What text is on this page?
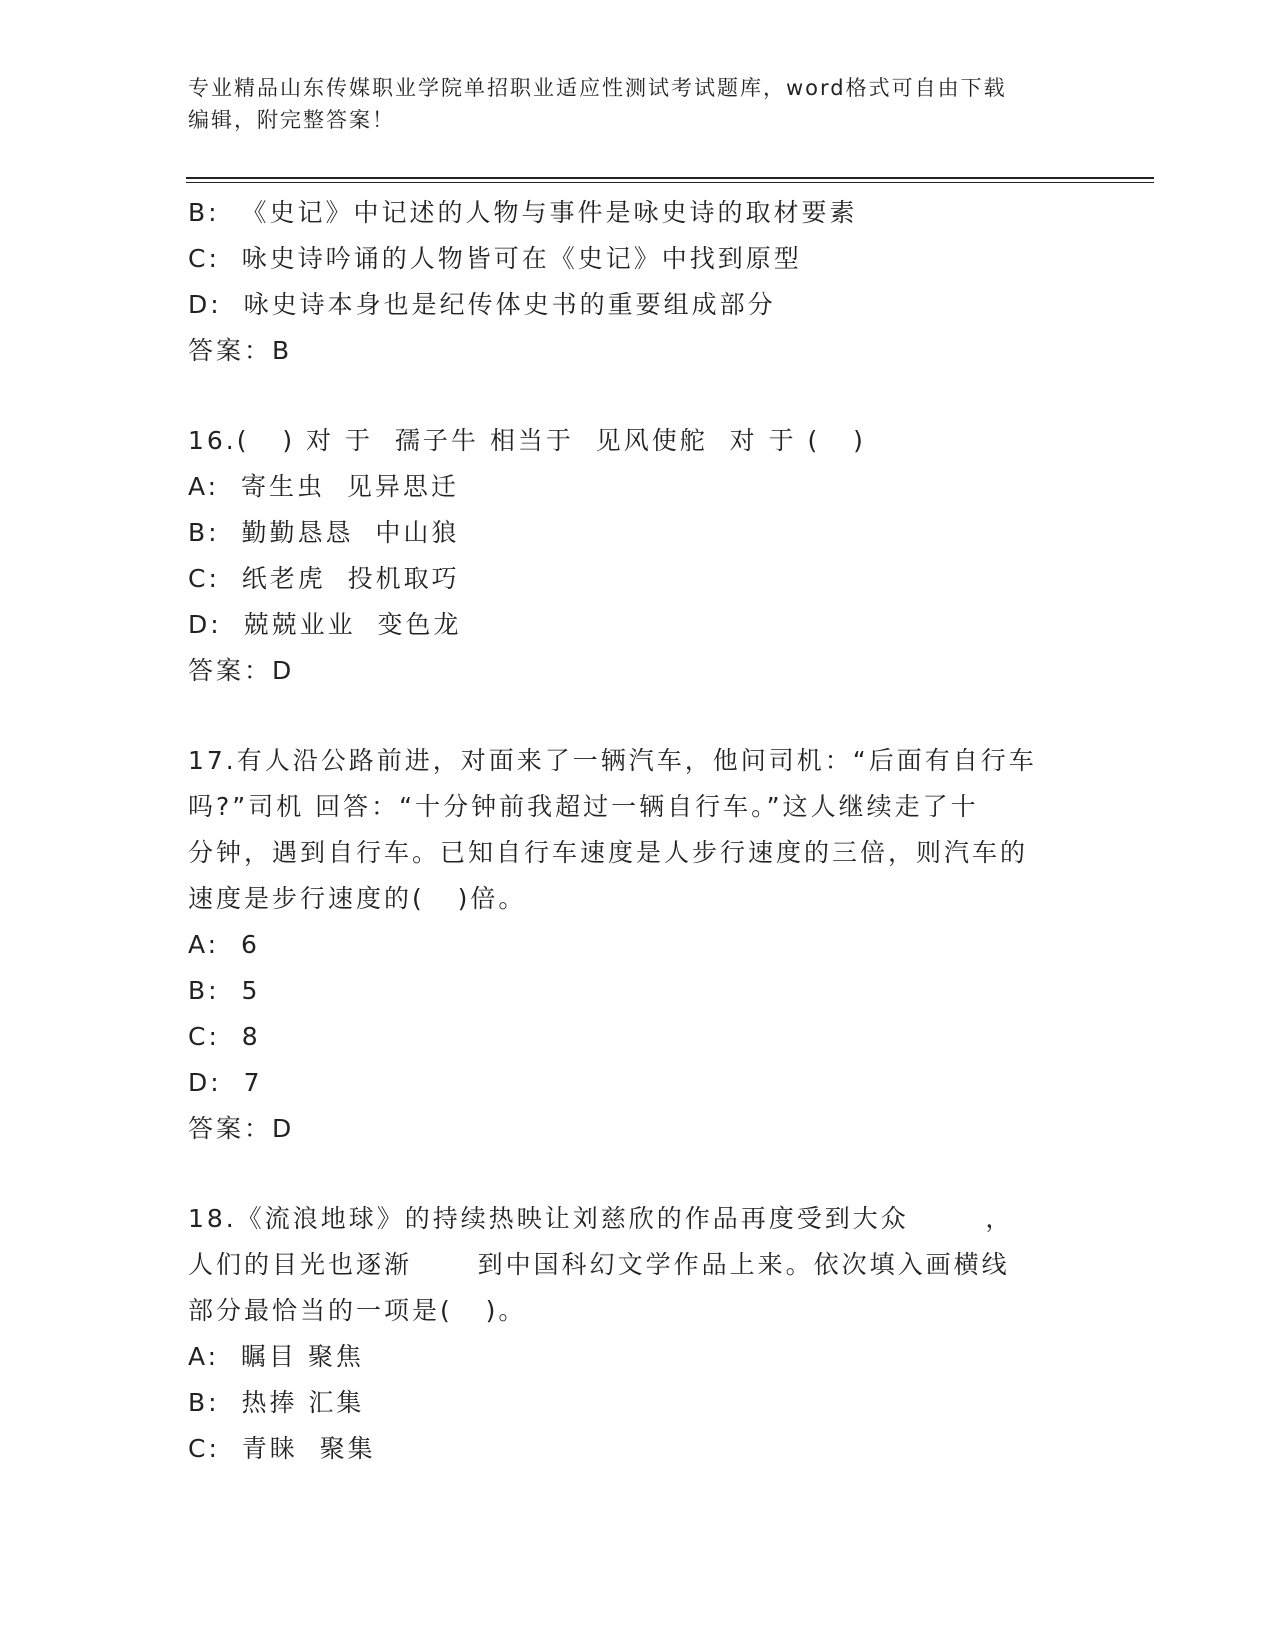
专业精品山东传媒职业学院单招职业适应性测试考试题库，word格式可自由下载
编辑，附完整答案！
B:  《史记》中记述的人物与事件是咏史诗的取材要素
C:  咏史诗吟诵的人物皆可在《史记》中找到原型
D:  咏史诗本身也是纪传体史书的重要组成部分
答案：B
16.(   ) 对 于  孺子牛 相当于  见风使舵  对 于 (   )
A:  寄生虫  见异思迁
B:  勤勤恳恳  中山狼
C:  纸老虎  投机取巧
D:  兢兢业业  变色龙
答案：D
17.有人沿公路前进，对面来了一辆汽车，他问司机：“后面有自行车
吗?”司机 回答：“十分钟前我超过一辆自行车。”这人继续走了十
分钟，遇到自行车。已知自行车速度是人步行速度的三倍，则汽车的
速度是步行速度的(   )倍。
A:  6
B:  5
C:  8
D:  7
答案：D
18.《流浪地球》的持续热映让刘慈欣的作品再度受到大众       ，
人们的目光也逐渐      到中国科幻文学作品上来。依次填入画横线
部分最恰当的一项是(   )。
A:  瞩目 聚焦
B:  热捧 汇集
C:  青睐  聚集
